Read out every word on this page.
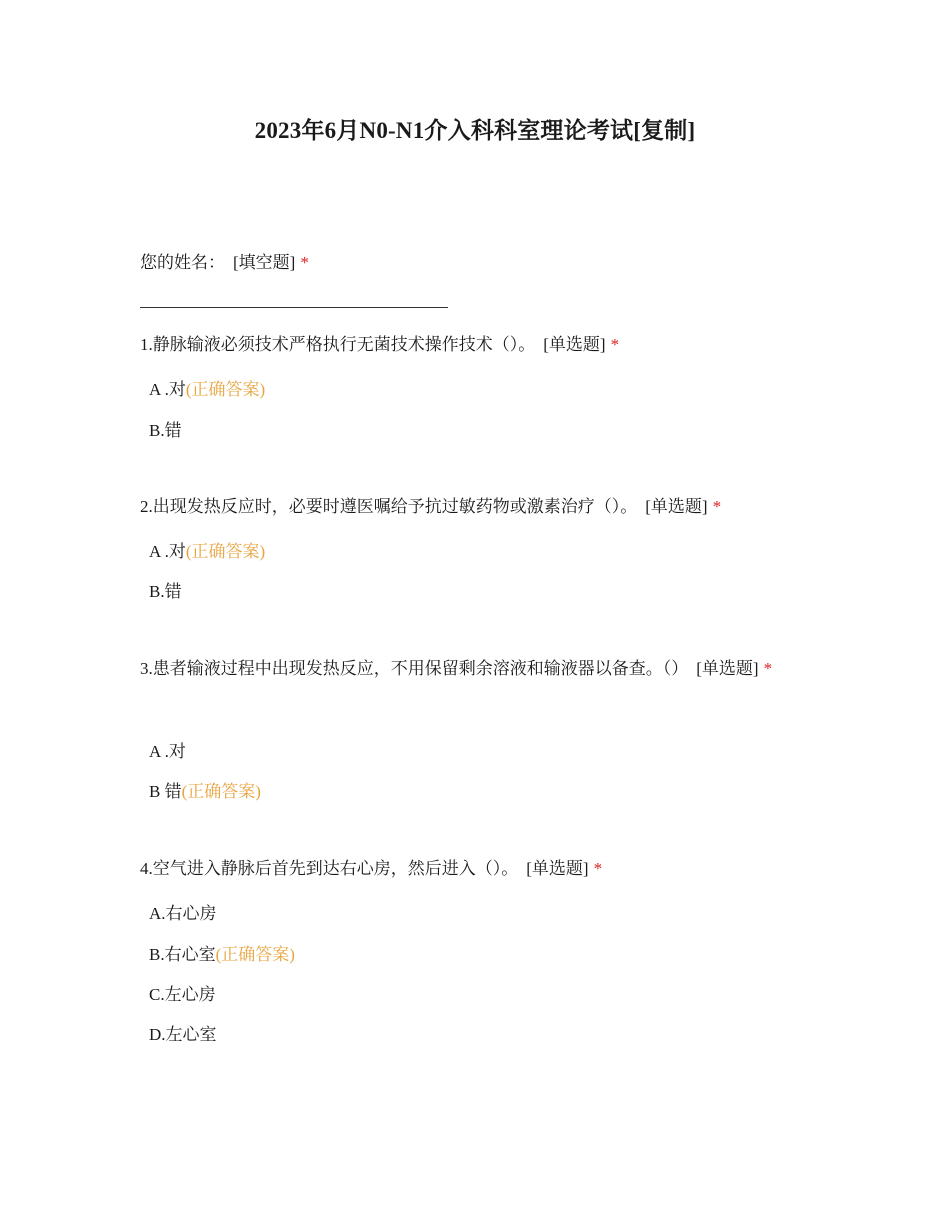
2023年6月N0-N1介入科科室理论考试[复制]
您的姓名： [填空题] *
1.静脉输液必须技术严格执行无菌技术操作技术（）。 [单选题] *
A .对(正确答案)
B.错
2.出现发热反应时，必要时遵医嘱给予抗过敏药物或激素治疗（）。 [单选题] *
A .对(正确答案)
B.错
3.患者输液过程中出现发热反应，不用保留剩余溶液和输液器以备查。（） [单选题] *
A .对
B 错(正确答案)
4.空气进入静脉后首先到达右心房，然后进入（）。 [单选题] *
A.右心房
B.右心室(正确答案)
C.左心房
D.左心室
